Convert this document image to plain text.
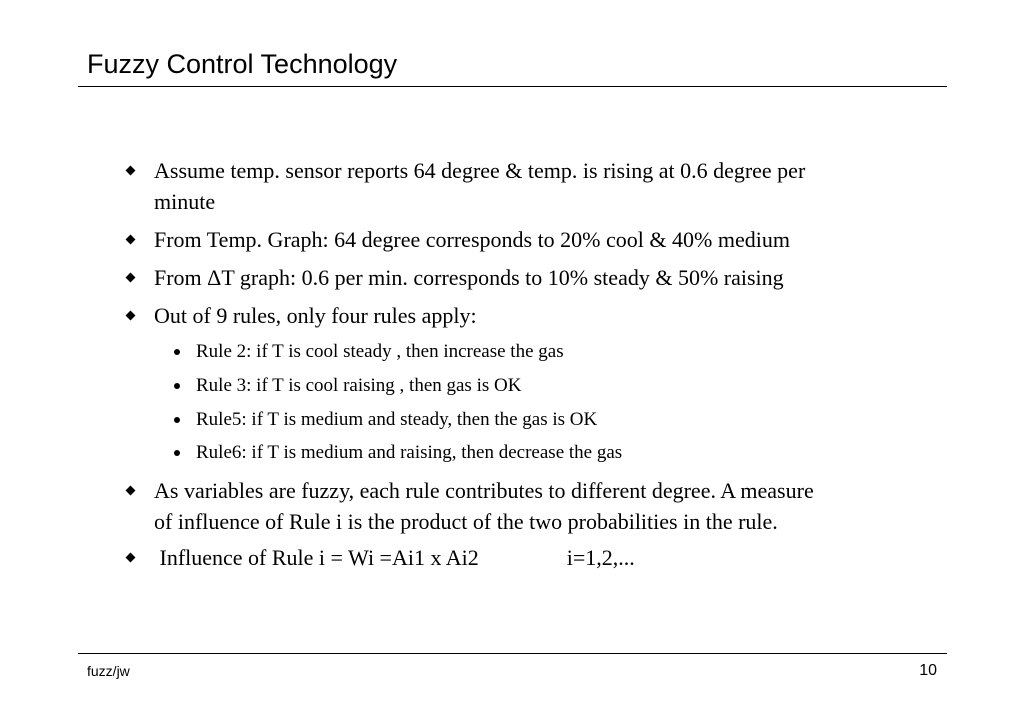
Fuzzy Control Technology
Assume temp. sensor reports 64 degree & temp. is rising at 0.6 degree per
minute
From Temp. Graph: 64 degree corresponds to 20% cool & 40% medium
From ΔT graph: 0.6 per min. corresponds to 10% steady & 50% raising
Out of 9 rules, only four rules apply:
Rule 2: if T is cool steady , then increase the gas
Rule 3: if T is cool raising , then gas is OK
Rule5: if T is medium and steady, then the gas is OK
Rule6: if T is medium and raising, then decrease the gas
As variables are fuzzy, each rule contributes to different degree. A measure
of influence of Rule i is the product of the two probabilities in the rule.
Influence of Rule i = Wi =Ai1 x Ai2	i=1,2,...
fuzz/jw	10
